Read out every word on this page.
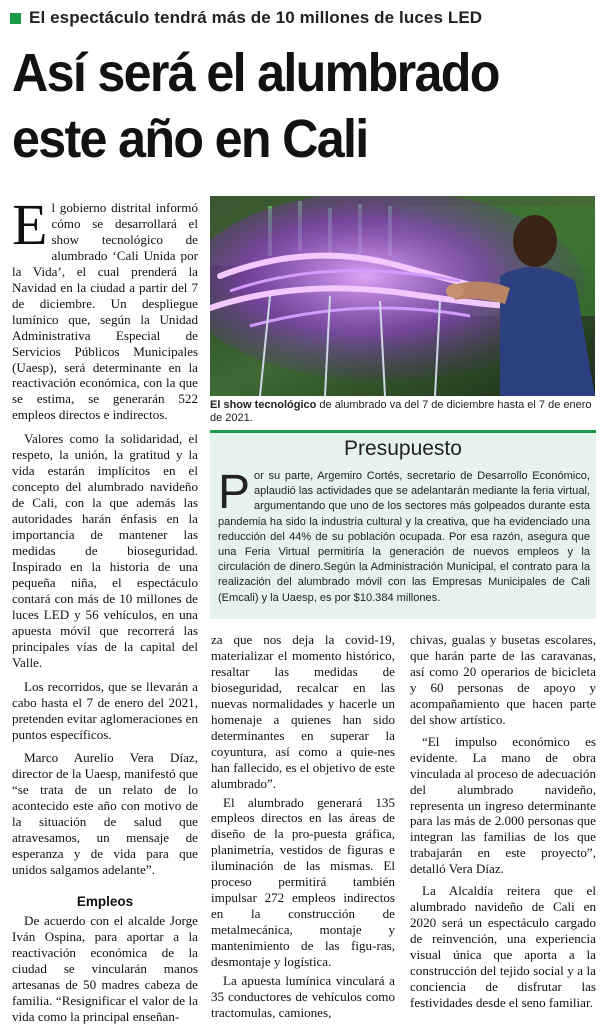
El espectáculo tendrá más de 10 millones de luces LED
Así será el alumbrado
este año en Cali

El gobierno distrital informó cómo se desarrollará el show tecnológico de alumbrado ‘Cali Unida por la Vida’, el cual prenderá la Navidad en la ciudad a partir del 7 de diciembre. Un despliegue lumínico que, según la Unidad Administrativa Especial de Servicios Públicos Municipales (Uaesp), será determinante en la reactivación económica, con la que se estima, se generarán 522 empleos directos e indirectos.

Valores como la solidaridad, el respeto, la unión, la gratitud y la vida estarán implícitos en el concepto del alumbrado navideño de Cali, con la que además las autoridades harán énfasis en la importancia de mantener las medidas de bioseguridad. Inspirado en la historia de una pequeña niña, el espectáculo contará con más de 10 millones de luces LED y 56 vehículos, en una apuesta móvil que recorrerá las principales vías de la capital del Valle.

Los recorridos, que se llevarán a cabo hasta el 7 de enero del 2021, pretenden evitar aglomeraciones en puntos específicos.

Marco Aurelio Vera Díaz, director de la Uaesp, manifestó que “se trata de un relato de lo acontecido este año con motivo de la situación de salud que atravesamos, un mensaje de esperanza y de vida para que unidos salgamos adelante”.

Empleos

De acuerdo con el alcalde Jorge Iván Ospina, para aportar a la reactivación económica de la ciudad se vincularán manos artesanas de 50 madres cabeza de familia. “Resignificar el valor de la vida como la principal enseñan-

El show tecnológico de alumbrado va del 7 de diciembre hasta el 7 de enero de 2021.
Presupuesto
Por su parte, Argemiro Cortés, secretario de Desarrollo Económico, aplaudió las actividades que se adelantarán mediante la feria virtual, argumentando que uno de los sectores más golpeados durante esta pandemia ha sido la industria cultural y la creativa, que ha evidenciado una reducción del 44% de su población ocupada. Por esa razón, asegura que una Feria Virtual permitiría la generación de nuevos empleos y la circulación de dinero.Según la Administración Municipal, el contrato para la realización del alumbrado móvil con las Empresas Municipales de Cali (Emcali) y la Uaesp, es por $10.384 millones.

za que nos deja la covid-19, materializar el momento histórico, resaltar las medidas de bioseguridad, recalcar en las nuevas normalidades y hacerle un homenaje a quienes han sido determinantes en superar la coyuntura, así como a quie-nes han fallecido, es el objetivo de este alumbrado”.

El alumbrado generará 135 empleos directos en las áreas de diseño de la pro-puesta gráfica, planimetría, vestidos de figuras e iluminación de las mismas. El proceso permitirá también impulsar 272 empleos indirectos en la construcción de metalmecánica, montaje y mantenimiento de las figu-ras, desmontaje y logística.

La apuesta lumínica vinculará a 35 conductores de vehículos como tractomulas, camiones,

chivas, gualas y busetas escolares, que harán parte de las caravanas, así como 20 operarios de bicicleta y 60 personas de apoyo y acompañamiento que hacen parte del show artístico.

“El impulso económico es evidente. La mano de obra vinculada al proceso de adecuación del alumbrado navideño, representa un ingreso determinante para las más de 2.000 personas que integran las familias de los que trabajarán en este proyecto”, detalló Vera Díaz.

La Alcaldía reitera que el alumbrado navideño de Cali en 2020 será un espectáculo cargado de reinvención, una experiencia visual única que aporta a la construcción del tejido social y a la conciencia de disfrutar las festividades desde el seno familiar.
